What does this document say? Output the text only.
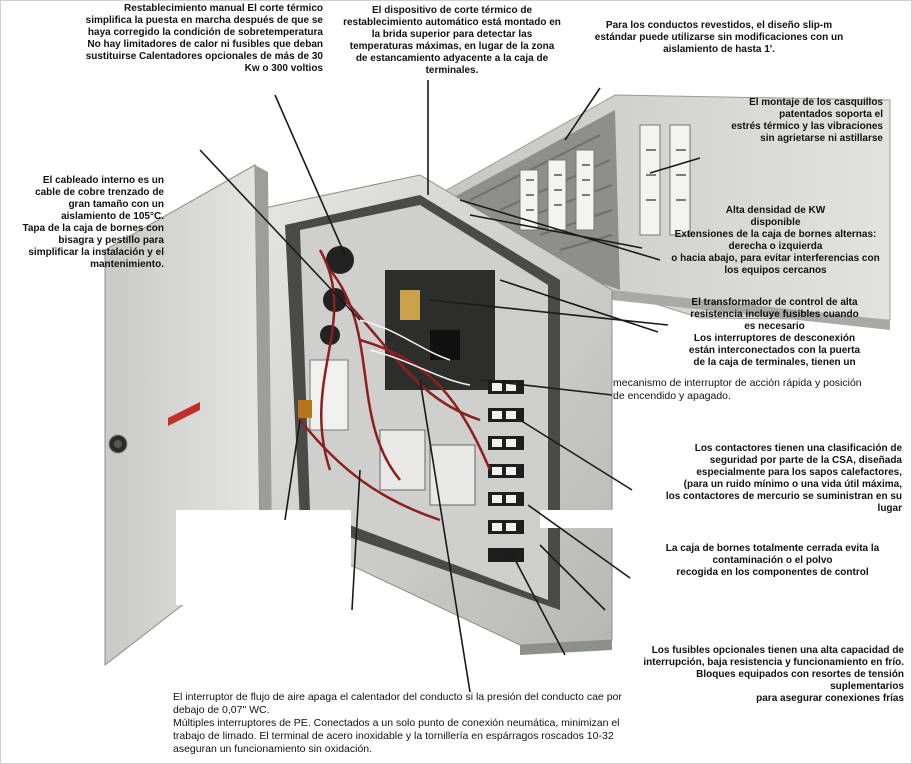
Restablecimiento manual El corte térmico
simplifica la puesta en marcha después de que se
haya corregido la condición de sobretemperatura
No hay limitadores de calor ni fusibles que deban
sustituirse Calentadores opcionales de más de 30
Kw o 300 voltios
El dispositivo de corte térmico de
restablecimiento automático está montado en
la brida superior para detectar las
temperaturas máximas, en lugar de la zona
de estancamiento adyacente a la caja de
terminales.
Para los conductos revestidos, el diseño slip-m
estándar puede utilizarse sin modificaciones con un
aislamiento de hasta 1'.
El montaje de los casquillos
patentados soporta el
estrés térmico y las vibraciones
sin agrietarse ni astillarse
El cableado interno es un
cable de cobre trenzado de
gran tamaño con un
aislamiento de 105°C.
Tapa de la caja de bornes con
bisagra y pestillo para
simplificar la instalación y el
mantenimiento.
Alta densidad de KW
disponible
Extensiones de la caja de bornes alternas:
derecha o izquierda
o hacia abajo, para evitar interferencias con
los equipos cercanos
El transformador de control de alta
resistencia incluye fusibles cuando
es necesario
Los interruptores de desconexión
están interconectados con la puerta
de la caja de terminales, tienen un
mecanismo de interruptor de acción rápida y posición
de encendido y apagado.
Los contactores tienen una clasificación de
seguridad por parte de la CSA, diseñada
especialmente para los sapos calefactores,
(para un ruido mínimo o una vida útil máxima,
los contactores de mercurio se suministran en su
lugar
La caja de bornes totalmente cerrada evita la
contaminación o el polvo
recogida en los componentes de control
Los fusibles opcionales tienen una alta capacidad de
interrupción, baja resistencia y funcionamiento en frío.
Bloques equipados con resortes de tensión
suplementarios
para asegurar conexiones frías
El interruptor de flujo de aire apaga el calentador del conducto si la presión del conducto cae por
debajo de 0,07" WC.
Múltiples interruptores de PE. Conectados a un solo punto de conexión neumática, minimizan el
trabajo de limado. El terminal de acero inoxidable y la tornillería en espárragos roscados 10-32
aseguran un funcionamiento sin oxidación.
